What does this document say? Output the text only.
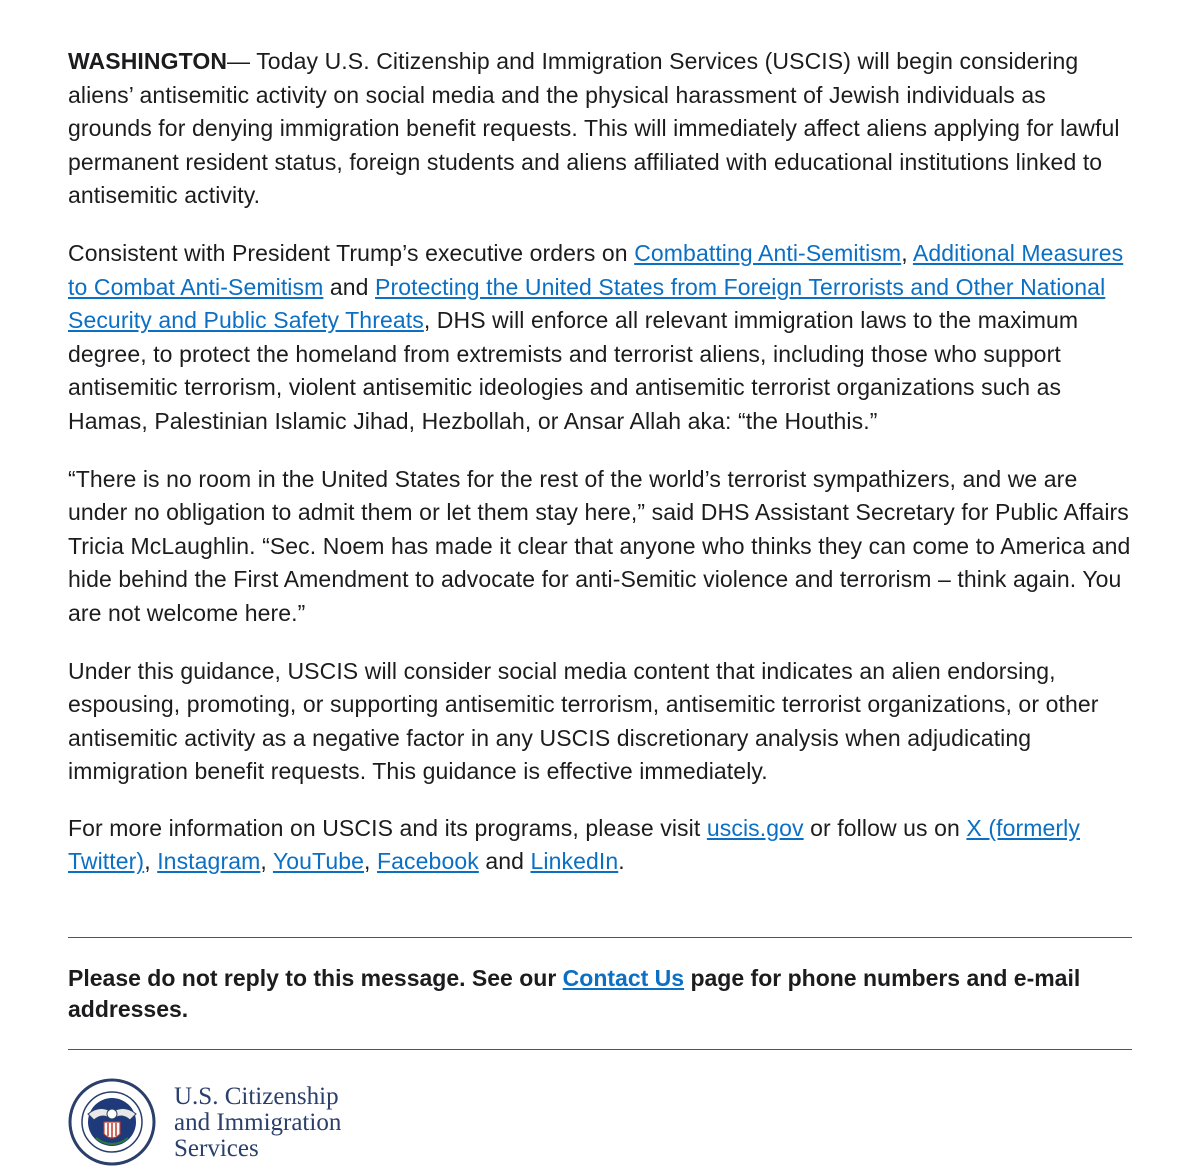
WASHINGTON— Today U.S. Citizenship and Immigration Services (USCIS) will begin considering aliens’ antisemitic activity on social media and the physical harassment of Jewish individuals as grounds for denying immigration benefit requests. This will immediately affect aliens applying for lawful permanent resident status, foreign students and aliens affiliated with educational institutions linked to antisemitic activity.

Consistent with President Trump’s executive orders on Combatting Anti-Semitism, Additional Measures to Combat Anti-Semitism and Protecting the United States from Foreign Terrorists and Other National Security and Public Safety Threats, DHS will enforce all relevant immigration laws to the maximum degree, to protect the homeland from extremists and terrorist aliens, including those who support antisemitic terrorism, violent antisemitic ideologies and antisemitic terrorist organizations such as Hamas, Palestinian Islamic Jihad, Hezbollah, or Ansar Allah aka: “the Houthis.”

“There is no room in the United States for the rest of the world’s terrorist sympathizers, and we are under no obligation to admit them or let them stay here,” said DHS Assistant Secretary for Public Affairs Tricia McLaughlin. “Sec. Noem has made it clear that anyone who thinks they can come to America and hide behind the First Amendment to advocate for anti-Semitic violence and terrorism – think again. You are not welcome here.”

Under this guidance, USCIS will consider social media content that indicates an alien endorsing, espousing, promoting, or supporting antisemitic terrorism, antisemitic terrorist organizations, or other antisemitic activity as a negative factor in any USCIS discretionary analysis when adjudicating immigration benefit requests. This guidance is effective immediately.

For more information on USCIS and its programs, please visit uscis.gov or follow us on X (formerly Twitter), Instagram, YouTube, Facebook and LinkedIn.

Please do not reply to this message. See our Contact Us page for phone numbers and e-mail addresses.

U.S. Citizenship
and Immigration
Services
